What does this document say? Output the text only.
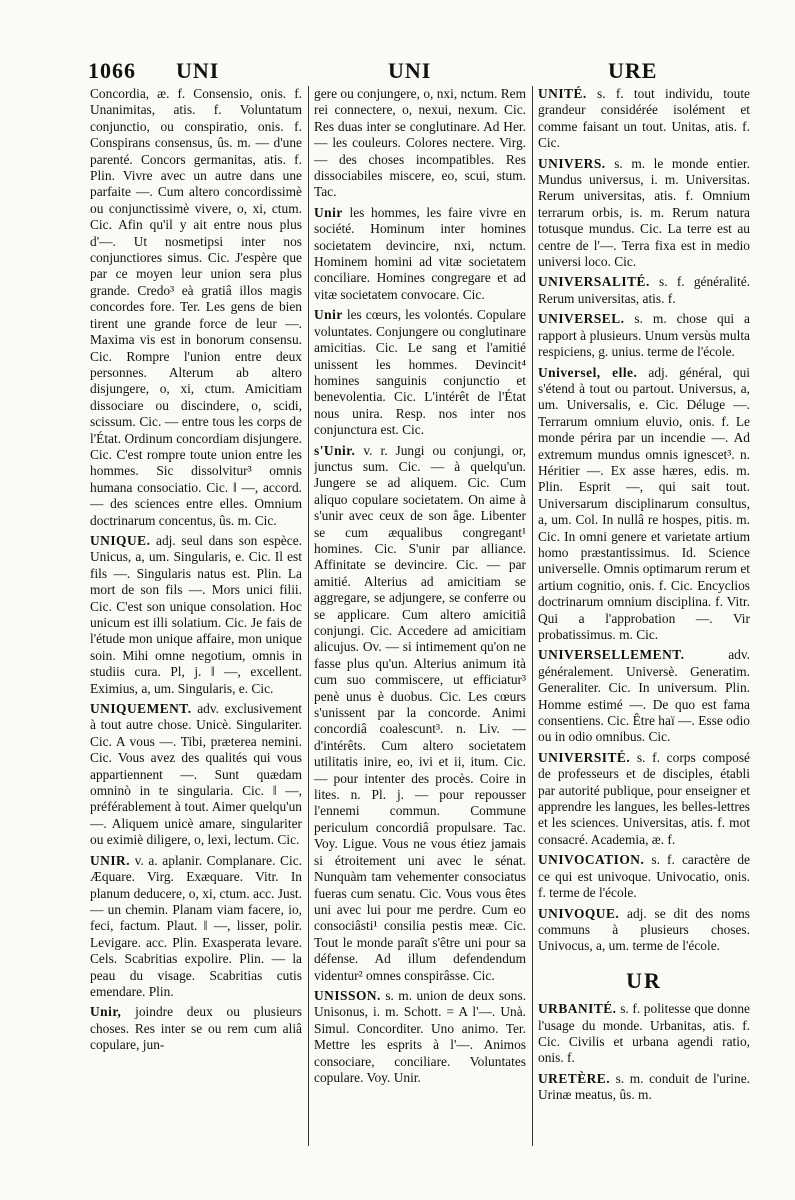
1066 UNI	UNI	URE

Concordia, æ. f. Consensio, onis. f. Unanimitas, atis. f. Voluntatum conjunctio, ou conspiratio, onis. f. Conspirans consensus, ûs. m. — d'une parenté. Concors germanitas, atis. f. Plin. Vivre avec un autre dans une parfaite —. Cum altero concordissimè ou conjunctissimè vivere, o, xi, ctum. Cic. Afin qu'il y ait entre nous plus d'—. Ut nosmetipsi inter nos conjunctiores simus. Cic. J'espère que par ce moyen leur union sera plus grande. Credo³ eà gratiâ illos magis concordes fore. Ter. Les gens de bien tirent une grande force de leur —. Maxima vis est in bonorum consensu. Cic. Rompre l'union entre deux personnes. Alterum ab altero disjungere, o, xi, ctum. Amicitiam dissociare ou discindere, o, scidi, scissum. Cic. — entre tous les corps de l'État. Ordinum concordiam disjungere. Cic. C'est rompre toute union entre les hommes. Sic dissolvitur³ omnis humana consociatio. Cic. ‖ —, accord. — des sciences entre elles. Omnium doctrinarum concentus, ûs. m. Cic.

UNIQUE. adj. seul dans son espèce. Unicus, a, um. Singularis, e. Cic. Il est fils —. Singularis natus est. Plin. La mort de son fils —. Mors unici filii. Cic. C'est son unique consolation. Hoc unicum est illi solatium. Cic. Je fais de l'étude mon unique affaire, mon unique soin. Mihi omne negotium, omnis in studiis cura. Pl, j. ‖ —, excellent. Eximius, a, um. Singularis, e. Cic.

UNIQUEMENT. adv. exclusivement à tout autre chose. Unicè. Singulariter. Cic. A vous —. Tibi, præterea nemini. Cic. Vous avez des qualités qui vous appartiennent —. Sunt quædam omninò in te singularia. Cic. ‖ —, préférablement à tout. Aimer quelqu'un —. Aliquem unicè amare, singulariter ou eximiè diligere, o, lexi, lectum. Cic.

UNIR. v. a. aplanir. Complanare. Cic. Æquare. Virg. Exæquare. Vitr. In planum deducere, o, xi, ctum. acc. Just. — un chemin. Planam viam facere, io, feci, factum. Plaut. ‖ —, lisser, polir. Levigare. acc. Plin. Exasperata levare. Cels. Scabritias expolire. Plin. — la peau du visage. Scabritias cutis emendare. Plin.

Unir, joindre deux ou plusieurs choses. Res inter se ou rem cum aliâ copulare, jun-

gere ou conjungere, o, nxi, nctum. Rem rei connectere, o, nexui, nexum. Cic. Res duas inter se conglutinare. Ad Her. — les couleurs. Colores nectere. Virg. — des choses incompatibles. Res dissociabiles miscere, eo, scui, stum. Tac.

Unir les hommes, les faire vivre en société. Hominum inter homines societatem devincire, nxi, nctum. Hominem homini ad vitæ societatem conciliare. Homines congregare et ad vitæ societatem convocare. Cic.

Unir les cœurs, les volontés. Copulare voluntates. Conjungere ou conglutinare amicitias. Cic. Le sang et l'amitié unissent les hommes. Devincit⁴ homines sanguinis conjunctio et benevolentia. Cic. L'intérêt de l'État nous unira. Resp. nos inter nos conjunctura est. Cic.

s'Unir. v. r. Jungi ou conjungi, or, junctus sum. Cic. — à quelqu'un. Jungere se ad aliquem. Cic. Cum aliquo copulare societatem. On aime à s'unir avec ceux de son âge. Libenter se cum æqualibus congregant¹ homines. Cic. S'unir par alliance. Affinitate se devincire. Cic. — par amitié. Alterius ad amicitiam se aggregare, se adjungere, se conferre ou se applicare. Cum altero amicitiâ conjungi. Cic. Accedere ad amicitiam alicujus. Ov. — si intimement qu'on ne fasse plus qu'un. Alterius animum ità cum suo commiscere, ut efficiatur³ penè unus è duobus. Cic. Les cœurs s'unissent par la concorde. Animi concordiâ coalescunt³. n. Liv. — d'intérêts. Cum altero societatem utilitatis inire, eo, ivi et ii, itum. Cic. — pour intenter des procès. Coire in lites. n. Pl. j. — pour repousser l'ennemi commun. Commune periculum concordiâ propulsare. Tac. Voy. Ligue. Vous ne vous étiez jamais si étroitement uni avec le sénat. Nunquàm tam vehementer consociatus fueras cum senatu. Cic. Vous vous êtes uni avec lui pour me perdre. Cum eo consociâsti¹ consilia pestis meæ. Cic. Tout le monde paraît s'être uni pour sa défense. Ad illum defendendum videntur² omnes conspirâsse. Cic.

UNISSON. s. m. union de deux sons. Unisonus, i. m. Schott. = A l'—. Unà. Simul. Concorditer. Uno animo. Ter. Mettre les esprits à l'—. Animos consociare, conciliare. Voluntates copulare. Voy. Unir.

UNITÉ. s. f. tout individu, toute grandeur considérée isolément et comme faisant un tout. Unitas, atis. f. Cic.

UNIVERS. s. m. le monde entier. Mundus universus, i. m. Universitas. Rerum universitas, atis. f. Omnium terrarum orbis, is. m. Rerum natura totusque mundus. Cic. La terre est au centre de l'—. Terra fixa est in medio universi loco. Cic.

UNIVERSALITÉ. s. f. généralité. Rerum universitas, atis. f.

UNIVERSEL. s. m. chose qui a rapport à plusieurs. Unum versùs multa respiciens, g. unius. terme de l'école.

Universel, elle. adj. général, qui s'étend à tout ou partout. Universus, a, um. Universalis, e. Cic. Déluge —. Terrarum omnium eluvio, onis. f. Le monde périra par un incendie —. Ad extremum mundus omnis ignescet³. n. Héritier —. Ex asse hæres, edis. m. Plin. Esprit —, qui sait tout. Universarum disciplinarum consultus, a, um. Col. In nullâ re hospes, pitis. m. Cic. In omni genere et varietate artium homo præstantissimus. Id. Science universelle. Omnis optimarum rerum et artium cognitio, onis. f. Cic. Encyclios doctrinarum omnium disciplina. f. Vitr. Qui a l'approbation —. Vir probatissimus. m. Cic.

UNIVERSELLEMENT.	adv. généralement. Universè. Generatim. Generaliter. Cic. In universum. Plin. Homme estimé —. De quo est fama consentiens. Cic. Être haï —. Esse odio ou in odio omnibus. Cic.

UNIVERSITÉ. s. f. corps composé de professeurs et de disciples, établi par autorité publique, pour enseigner et apprendre les langues, les belles-lettres et les sciences. Universitas, atis. f. mot consacré. Academia, æ. f.

UNIVOCATION. s. f. caractère de ce qui est univoque. Univocatio, onis. f. terme de l'école.

UNIVOQUE. adj. se dit des noms communs à plusieurs choses. Univocus, a, um. terme de l'école.

UR

URBANITÉ. s. f. politesse que donne l'usage du monde. Urbanitas, atis. f. Cic. Civilis et urbana agendi ratio, onis. f.

URETÈRE. s. m. conduit de l'urine. Urinæ meatus, ûs. m.
